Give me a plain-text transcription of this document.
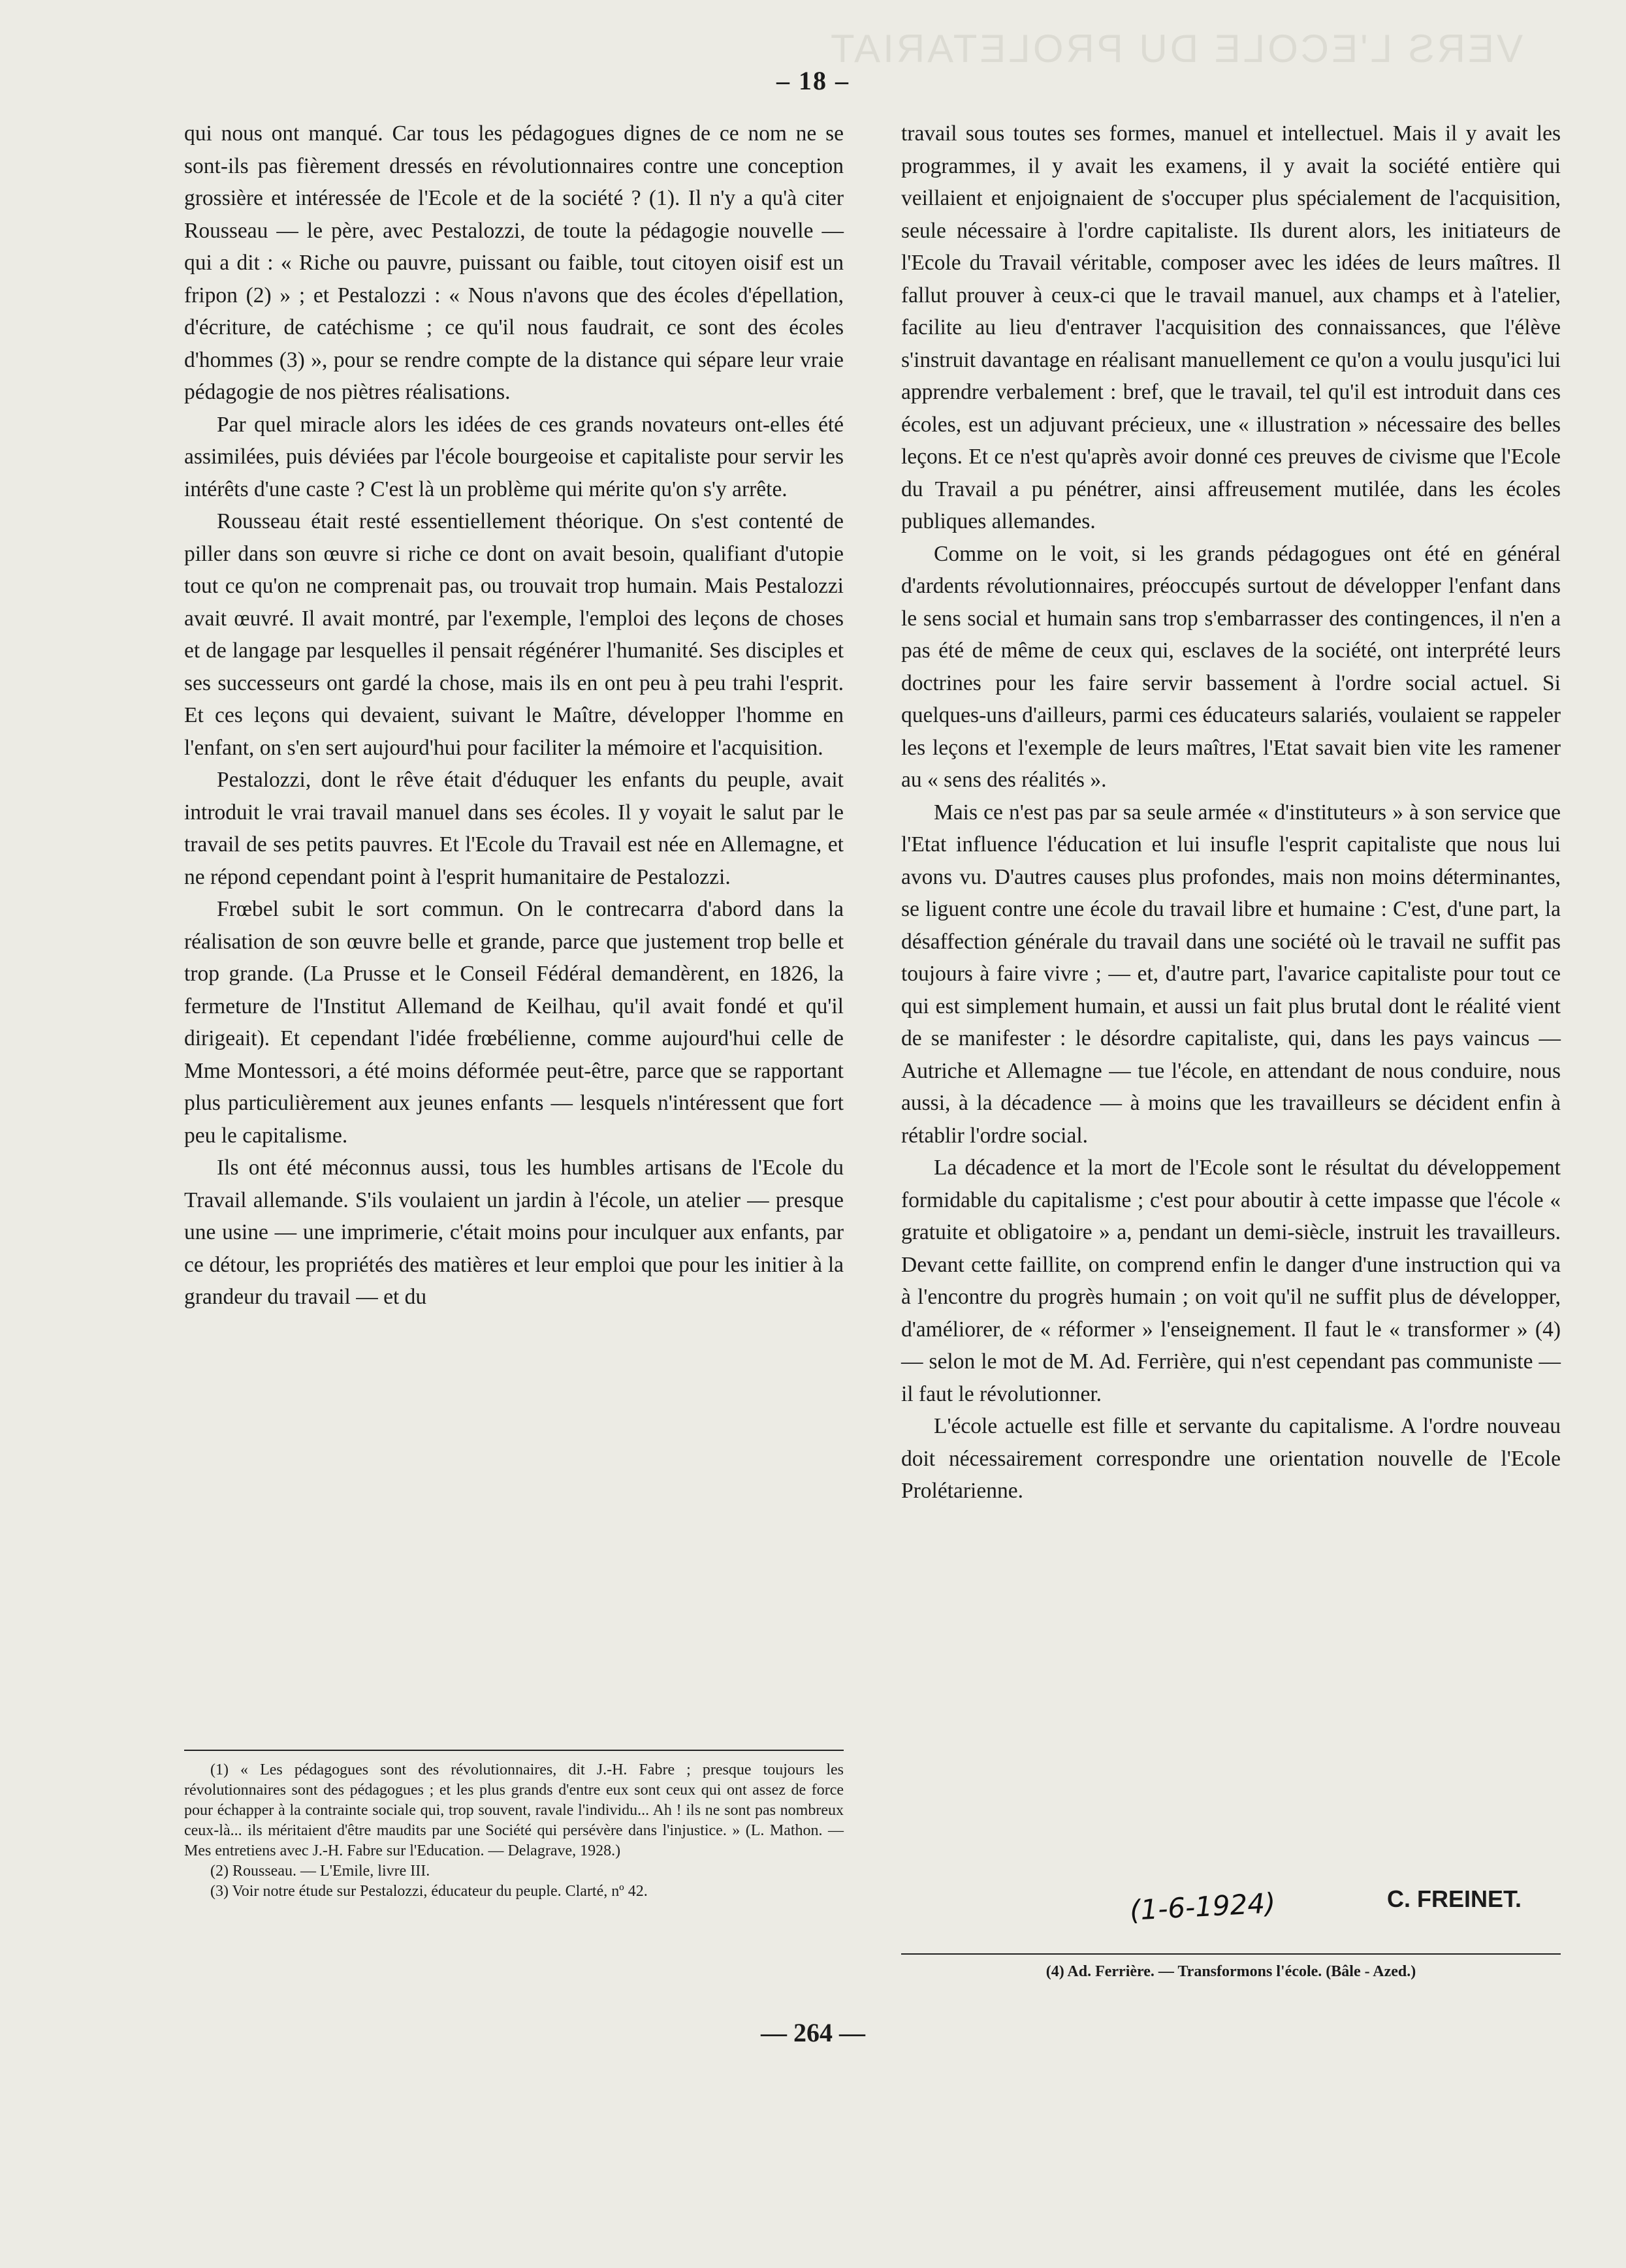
VERS L'ECOLE DU PROLETARIAT
– 18 –

qui nous ont manqué. Car tous les pédagogues dignes de ce nom ne se sont-ils pas fièrement dressés en révolutionnaires contre une conception grossière et intéressée de l'Ecole et de la société ? (1). Il n'y a qu'à citer Rousseau — le père, avec Pestalozzi, de toute la pédagogie nouvelle — qui a dit : « Riche ou pauvre, puissant ou faible, tout citoyen oisif est un fripon (2) » ; et Pestalozzi : « Nous n'avons que des écoles d'épellation, d'écriture, de catéchisme ; ce qu'il nous faudrait, ce sont des écoles d'hommes (3) », pour se rendre compte de la distance qui sépare leur vraie pédagogie de nos piètres réalisations.

Par quel miracle alors les idées de ces grands novateurs ont-elles été assimilées, puis déviées par l'école bourgeoise et capitaliste pour servir les intérêts d'une caste ? C'est là un problème qui mérite qu'on s'y arrête.

Rousseau était resté essentiellement théorique. On s'est contenté de piller dans son œuvre si riche ce dont on avait besoin, qualifiant d'utopie tout ce qu'on ne comprenait pas, ou trouvait trop humain. Mais Pestalozzi avait œuvré. Il avait montré, par l'exemple, l'emploi des leçons de choses et de langage par lesquelles il pensait régénérer l'humanité. Ses disciples et ses successeurs ont gardé la chose, mais ils en ont peu à peu trahi l'esprit. Et ces leçons qui devaient, suivant le Maître, développer l'homme en l'enfant, on s'en sert aujourd'hui pour faciliter la mémoire et l'acquisition.

Pestalozzi, dont le rêve était d'éduquer les enfants du peuple, avait introduit le vrai travail manuel dans ses écoles. Il y voyait le salut par le travail de ses petits pauvres. Et l'Ecole du Travail est née en Allemagne, et ne répond cependant point à l'esprit humanitaire de Pestalozzi.

Frœbel subit le sort commun. On le contrecarra d'abord dans la réalisation de son œuvre belle et grande, parce que justement trop belle et trop grande. (La Prusse et le Conseil Fédéral demandèrent, en 1826, la fermeture de l'Institut Allemand de Keilhau, qu'il avait fondé et qu'il dirigeait). Et cependant l'idée frœbélienne, comme aujourd'hui celle de Mme Montessori, a été moins déformée peut-être, parce que se rapportant plus particulièrement aux jeunes enfants — lesquels n'intéressent que fort peu le capitalisme.

Ils ont été méconnus aussi, tous les humbles artisans de l'Ecole du Travail allemande. S'ils voulaient un jardin à l'école, un atelier — presque une usine — une imprimerie, c'était moins pour inculquer aux enfants, par ce détour, les propriétés des matières et leur emploi que pour les initier à la grandeur du travail — et du

(1) « Les pédagogues sont des révolutionnaires, dit J.-H. Fabre ; presque toujours les révolutionnaires sont des pédagogues ; et les plus grands d'entre eux sont ceux qui ont assez de force pour échapper à la contrainte sociale qui, trop souvent, ravale l'individu... Ah ! ils ne sont pas nombreux ceux-là... ils méritaient d'être maudits par une Société qui persévère dans l'injustice. » (L. Mathon. — Mes entretiens avec J.-H. Fabre sur l'Education. — Delagrave, 1928.)

(2) Rousseau. — L'Emile, livre III.

(3) Voir notre étude sur Pestalozzi, éducateur du peuple. Clarté, nº 42.

travail sous toutes ses formes, manuel et intellectuel. Mais il y avait les programmes, il y avait les examens, il y avait la société entière qui veillaient et enjoignaient de s'occuper plus spécialement de l'acquisition, seule nécessaire à l'ordre capitaliste. Ils durent alors, les initiateurs de l'Ecole du Travail véritable, composer avec les idées de leurs maîtres. Il fallut prouver à ceux-ci que le travail manuel, aux champs et à l'atelier, facilite au lieu d'entraver l'acquisition des connaissances, que l'élève s'instruit davantage en réalisant manuellement ce qu'on a voulu jusqu'ici lui apprendre verbalement : bref, que le travail, tel qu'il est introduit dans ces écoles, est un adjuvant précieux, une « illustration » nécessaire des belles leçons. Et ce n'est qu'après avoir donné ces preuves de civisme que l'Ecole du Travail a pu pénétrer, ainsi affreusement mutilée, dans les écoles publiques allemandes.

Comme on le voit, si les grands pédagogues ont été en général d'ardents révolutionnaires, préoccupés surtout de développer l'enfant dans le sens social et humain sans trop s'embarrasser des contingences, il n'en a pas été de même de ceux qui, esclaves de la société, ont interprété leurs doctrines pour les faire servir bassement à l'ordre social actuel. Si quelques-uns d'ailleurs, parmi ces éducateurs salariés, voulaient se rappeler les leçons et l'exemple de leurs maîtres, l'Etat savait bien vite les ramener au « sens des réalités ».

Mais ce n'est pas par sa seule armée « d'instituteurs » à son service que l'Etat influence l'éducation et lui insufle l'esprit capitaliste que nous lui avons vu. D'autres causes plus profondes, mais non moins déterminantes, se liguent contre une école du travail libre et humaine : C'est, d'une part, la désaffection générale du travail dans une société où le travail ne suffit pas toujours à faire vivre ; — et, d'autre part, l'avarice capitaliste pour tout ce qui est simplement humain, et aussi un fait plus brutal dont le réalité vient de se manifester : le désordre capitaliste, qui, dans les pays vaincus — Autriche et Allemagne — tue l'école, en attendant de nous conduire, nous aussi, à la décadence — à moins que les travailleurs se décident enfin à rétablir l'ordre social.

La décadence et la mort de l'Ecole sont le résultat du développement formidable du capitalisme ; c'est pour aboutir à cette impasse que l'école « gratuite et obligatoire » a, pendant un demi-siècle, instruit les travailleurs. Devant cette faillite, on comprend enfin le danger d'une instruction qui va à l'encontre du progrès humain ; on voit qu'il ne suffit plus de développer, d'améliorer, de « réformer » l'enseignement. Il faut le « transformer » (4) — selon le mot de M. Ad. Ferrière, qui n'est cependant pas communiste — il faut le révolutionner.

L'école actuelle est fille et servante du capitalisme. A l'ordre nouveau doit nécessairement correspondre une orientation nouvelle de l'Ecole Prolétarienne.

(1-6-1924)	C. FREINET.
(4) Ad. Ferrière. — Transformons l'école. (Bâle - Azed.)
— 264 —
